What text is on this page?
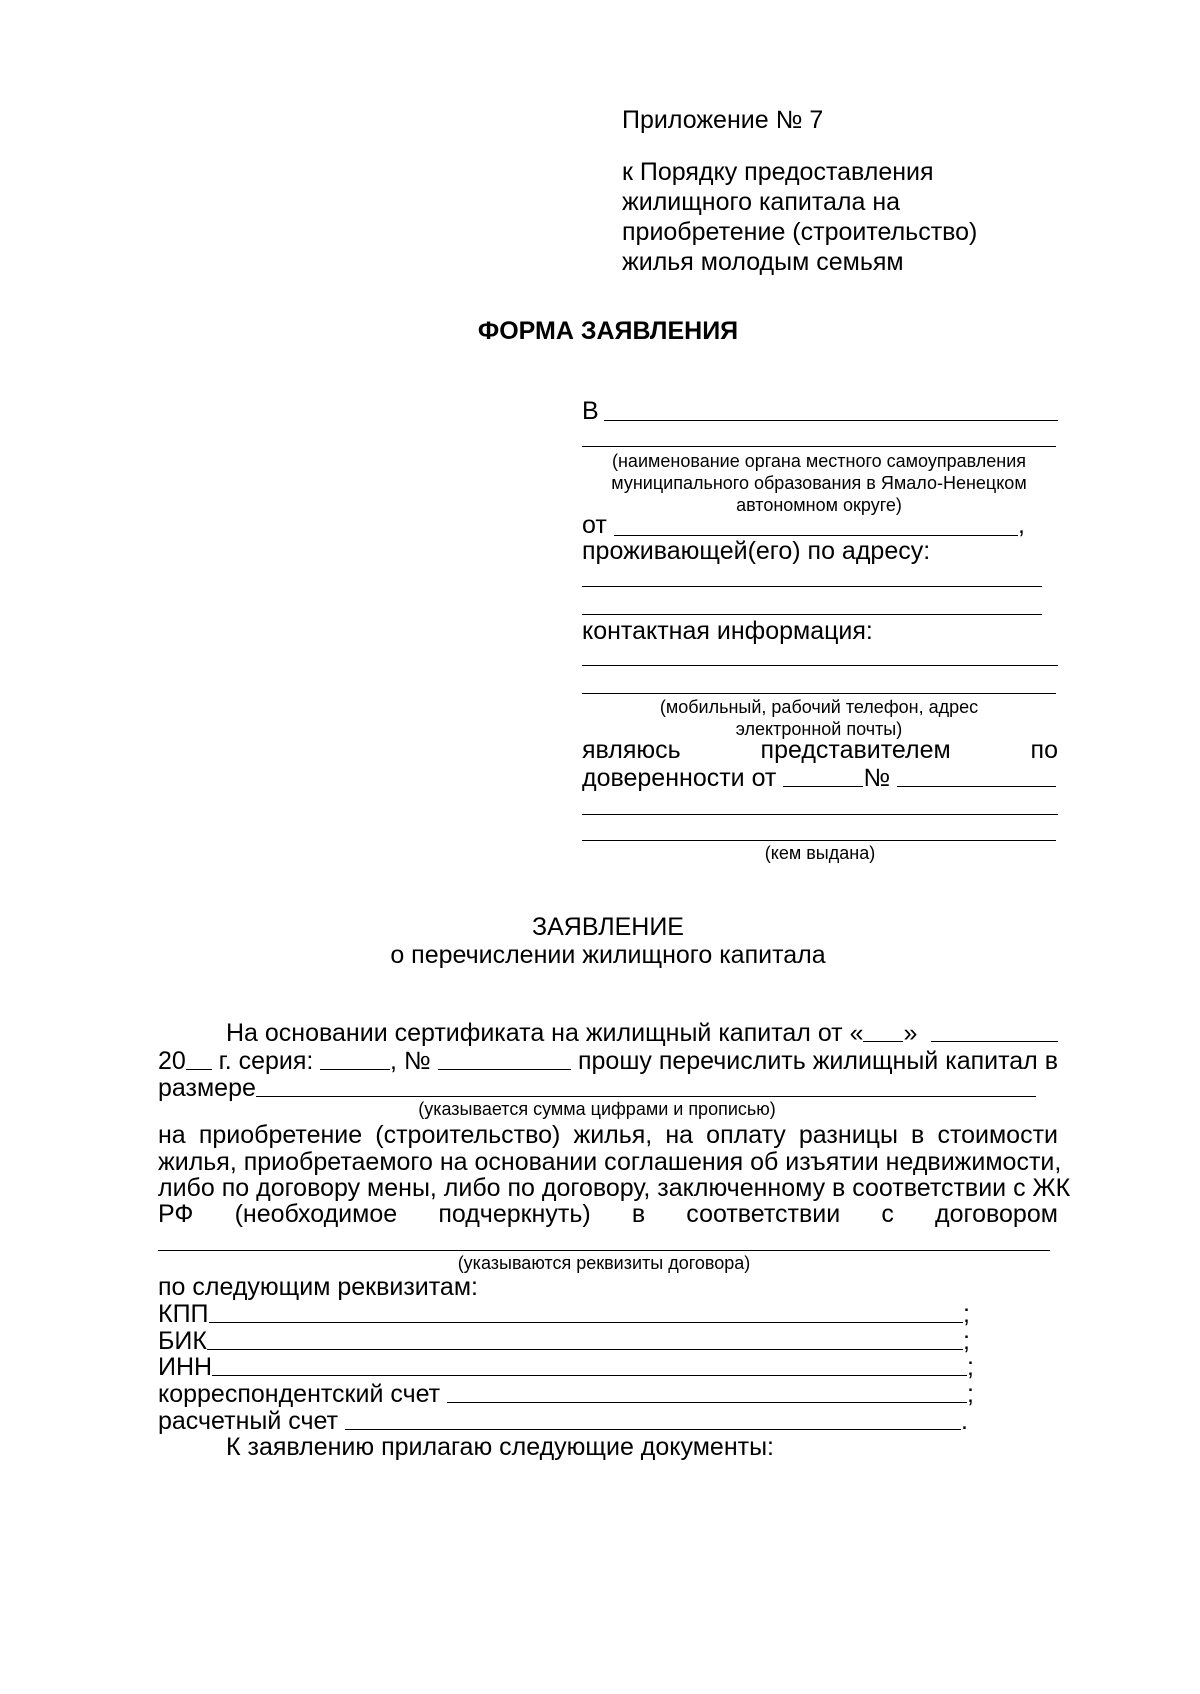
Приложение № 7
к Порядку предоставления
жилищного капитала на
приобретение (строительство)
жилья молодым семьям
ФОРМА ЗАЯВЛЕНИЯ
В
(наименование органа местного самоуправления
муниципального образования в Ямало-Ненецком
автономном округе)
от	,
проживающей(его) по адресу:
контактная информация:
(мобильный, рабочий телефон, адрес
электронной почты)
являюсь	представителем	по
доверенности от
	№

(кем выдана)
ЗАЯВЛЕНИЕ
о перечислении жилищного капитала
На основании сертификата на жилищный капитал от « »

20
г. серия:
	,
№

	прошу перечислить жилищный капитал в
размере
(указывается сумма цифрами и прописью)
на приобретение (строительство) жилья, на оплату разницы в стоимости
жилья, приобретаемого на основании соглашения об изъятии недвижимости,
либо по договору мены, либо по договору, заключенному в соответствии с ЖК
РФ (необходимое подчеркнуть) в соответствии с договором
(указываются реквизиты договора)
по следующим реквизитам:
КПП	;
БИК	;
ИНН	;
корреспондентский счет	;
расчетный счет	.
К заявлению прилагаю следующие документы:
